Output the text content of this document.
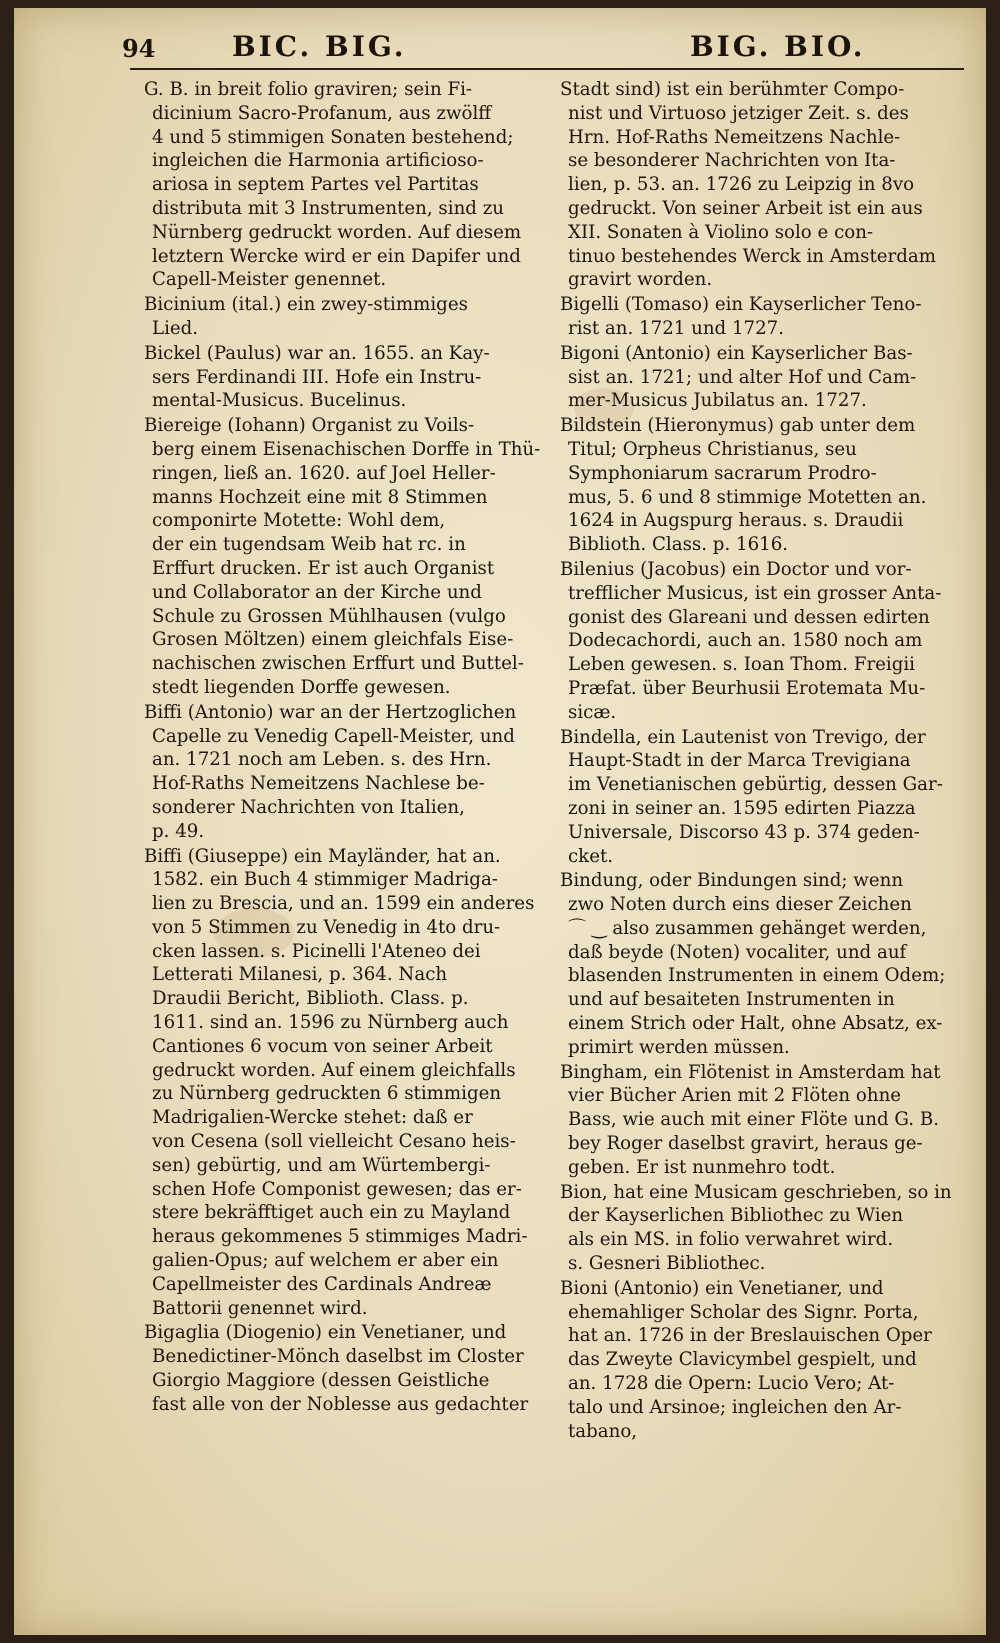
94	BIC. BIG.	BIG. BIO.
G. B. in breit folio graviren; sein Fi-
dicinium Sacro-Profanum, aus zwölff
4 und 5 stimmigen Sonaten bestehend;
ingleichen die Harmonia artificioso-
ariosa in septem Partes vel Partitas
distributa mit 3 Instrumenten, sind zu
Nürnberg gedruckt worden. Auf diesem
letztern Wercke wird er ein Dapifer und
Capell-Meister genennet.
Bicinium (ital.) ein zwey-stimmiges
Lied.
Bickel (Paulus) war an. 1655. an Kay-
sers Ferdinandi III. Hofe ein Instru-
mental-Musicus. Bucelinus.
Biereige (Iohann) Organist zu Voils-
berg einem Eisenachischen Dorffe in Thü-
ringen, ließ an. 1620. auf Joel Heller-
manns Hochzeit eine mit 8 Stimmen
componirte Motette: Wohl dem,
der ein tugendsam Weib hat rc. in
Erffurt drucken. Er ist auch Organist
und Collaborator an der Kirche und
Schule zu Grossen Mühlhausen (vulgo
Grosen Möltzen) einem gleichfals Eise-
nachischen zwischen Erffurt und Buttel-
stedt liegenden Dorffe gewesen.
Biffi (Antonio) war an der Hertzoglichen
Capelle zu Venedig Capell-Meister, und
an. 1721 noch am Leben. s. des Hrn.
Hof-Raths Nemeitzens Nachlese be-
sonderer Nachrichten von Italien,
p. 49.
Biffi (Giuseppe) ein Mayländer, hat an.
1582. ein Buch 4 stimmiger Madriga-
lien zu Brescia, und an. 1599 ein anderes
von 5 Stimmen zu Venedig in 4to dru-
cken lassen. s. Picinelli l'Ateneo dei
Letterati Milanesi, p. 364. Nach
Draudii Bericht, Biblioth. Class. p.
1611. sind an. 1596 zu Nürnberg auch
Cantiones 6 vocum von seiner Arbeit
gedruckt worden. Auf einem gleichfalls
zu Nürnberg gedruckten 6 stimmigen
Madrigalien-Wercke stehet: daß er
von Cesena (soll vielleicht Cesano heis-
sen) gebürtig, und am Würtembergi-
schen Hofe Componist gewesen; das er-
stere bekräfftiget auch ein zu Mayland
heraus gekommenes 5 stimmiges Madri-
galien-Opus; auf welchem er aber ein
Capellmeister des Cardinals Andreæ
Battorii genennet wird.
Bigaglia (Diogenio) ein Venetianer, und
Benedictiner-Mönch daselbst im Closter
Giorgio Maggiore (dessen Geistliche
fast alle von der Noblesse aus gedachter
Stadt sind) ist ein berühmter Compo-
nist und Virtuoso jetziger Zeit. s. des
Hrn. Hof-Raths Nemeitzens Nachle-
se besonderer Nachrichten von Ita-
lien, p. 53. an. 1726 zu Leipzig in 8vo
gedruckt. Von seiner Arbeit ist ein aus
XII. Sonaten à Violino solo e con-
tinuo bestehendes Werck in Amsterdam
gravirt worden.
Bigelli (Tomaso) ein Kayserlicher Teno-
rist an. 1721 und 1727.
Bigoni (Antonio) ein Kayserlicher Bas-
sist an. 1721; und alter Hof und Cam-
mer-Musicus Jubilatus an. 1727.
Bildstein (Hieronymus) gab unter dem
Titul; Orpheus Christianus, seu
Symphoniarum sacrarum Prodro-
mus, 5. 6 und 8 stimmige Motetten an.
1624 in Augspurg heraus. s. Draudii
Biblioth. Class. p. 1616.
Bilenius (Jacobus) ein Doctor und vor-
trefflicher Musicus, ist ein grosser Anta-
gonist des Glareani und dessen edirten
Dodecachordi, auch an. 1580 noch am
Leben gewesen. s. Ioan Thom. Freigii
Præfat. über Beurhusii Erotemata Mu-
sicæ.
Bindella, ein Lautenist von Trevigo, der
Haupt-Stadt in der Marca Trevigiana
im Venetianischen gebürtig, dessen Gar-
zoni in seiner an. 1595 edirten Piazza
Universale, Discorso 43 p. 374 geden-
cket.
Bindung, oder Bindungen sind; wenn
zwo Noten durch eins dieser Zeichen
⌒ ‿ also zusammen gehänget werden,
daß beyde (Noten) vocaliter, und auf
blasenden Instrumenten in einem Odem;
und auf besaiteten Instrumenten in
einem Strich oder Halt, ohne Absatz, ex-
primirt werden müssen.
Bingham, ein Flötenist in Amsterdam hat
vier Bücher Arien mit 2 Flöten ohne
Bass, wie auch mit einer Flöte und G. B.
bey Roger daselbst gravirt, heraus ge-
geben. Er ist nunmehro todt.
Bion, hat eine Musicam geschrieben, so in
der Kayserlichen Bibliothec zu Wien
als ein MS. in folio verwahret wird.
s. Gesneri Bibliothec.
Bioni (Antonio) ein Venetianer, und
ehemahliger Scholar des Signr. Porta,
hat an. 1726 in der Breslauischen Oper
das Zweyte Clavicymbel gespielt, und
an. 1728 die Opern: Lucio Vero; At-
talo und Arsinoe; ingleichen den Ar-
tabano,
